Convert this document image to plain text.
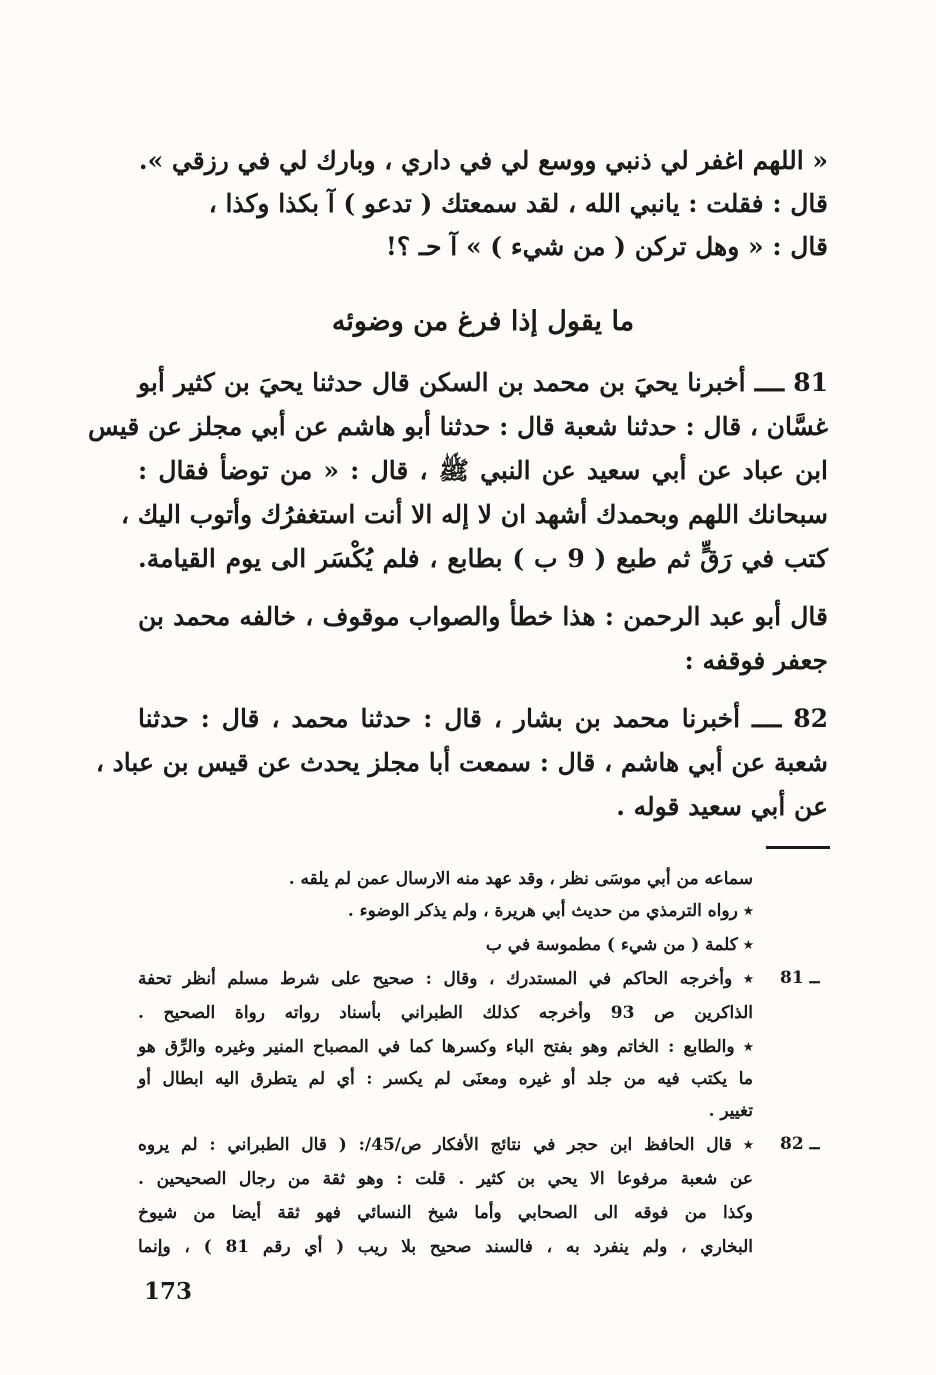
« اللهم اغفر لي ذنبي ووسع لي في داري ، وبارك لي في رزقي ».
قال : فقلت : يانبي الله ، لقد سمعتك ( تدعو ) آ بكذا وكذا ،
قال : « وهل تركن ( من شيء ) » آ حـ ؟!
ما يقول إذا فرغ من وضوئه
81 ــــ أخبرنا يحيَ بن محمد بن السكن قال حدثنا يحيَ بن كثير أبو
غسَّان ، قال : حدثنا شعبة قال : حدثنا أبو هاشم عن أبي مجلز عن قيس
ابن عباد عن أبي سعيد عن النبي ﷺ ، قال : « من توضأ فقال :
سبحانك اللهم وبحمدك أشهد ان لا إله الا أنت استغفرُك وأتوب اليك ،
كتب في رَقٍّ ثم طبع ( 9 ب ) بطابع ، فلم يُكْسَر الى يوم القيامة.
قال أبو عبد الرحمن : هذا خطأ والصواب موقوف ، خالفه محمد بن
جعفر فوقفه :
82 ــــ أخبرنا محمد بن بشار ، قال : حدثنا محمد ، قال : حدثنا
شعبة عن أبي هاشم ، قال : سمعت أبا مجلز يحدث عن قيس بن عباد ،
عن أبي سعيد قوله .
سماعه من أبي موسَى نظر ، وقد عهد منه الارسال عمن لم يلقه .
٭ رواه الترمذي من حديث أبي هريرة ، ولم يذكر الوضوء .
٭ كلمة ( من شيء ) مطموسة في ب
81 ــ
٭ وأخرجه الحاكم في المستدرك ، وقال : صحيح على شرط مسلم أنظر تحفة
الذاكرين ص 93 وأخرجه كذلك الطبراني بأسناد رواته رواة الصحيح .
٭ والطابع : الخاتم وهو بفتح الباء وكسرها كما في المصباح المنير وغيره والرِّق هو
ما يكتب فيه من جلد أو غيره ومعنَى لم يكسر : أي لم يتطرق اليه ابطال أو
تغيير .
82 ــ
٭ قال الحافظ ابن حجر في نتائج الأفكار ص/45/: ( قال الطبراني : لم يروه
عن شعبة مرفوعا الا يحي بن كثير . قلت : وهو ثقة من رجال الصحيحين .
وكذا من فوقه الى الصحابي وأما شيخ النسائي فهو ثقة أيضا من شيوخ
البخاري ، ولم ينفرد به ، فالسند صحيح بلا ريب ( أي رقم 81 ) ، وإنما
173
